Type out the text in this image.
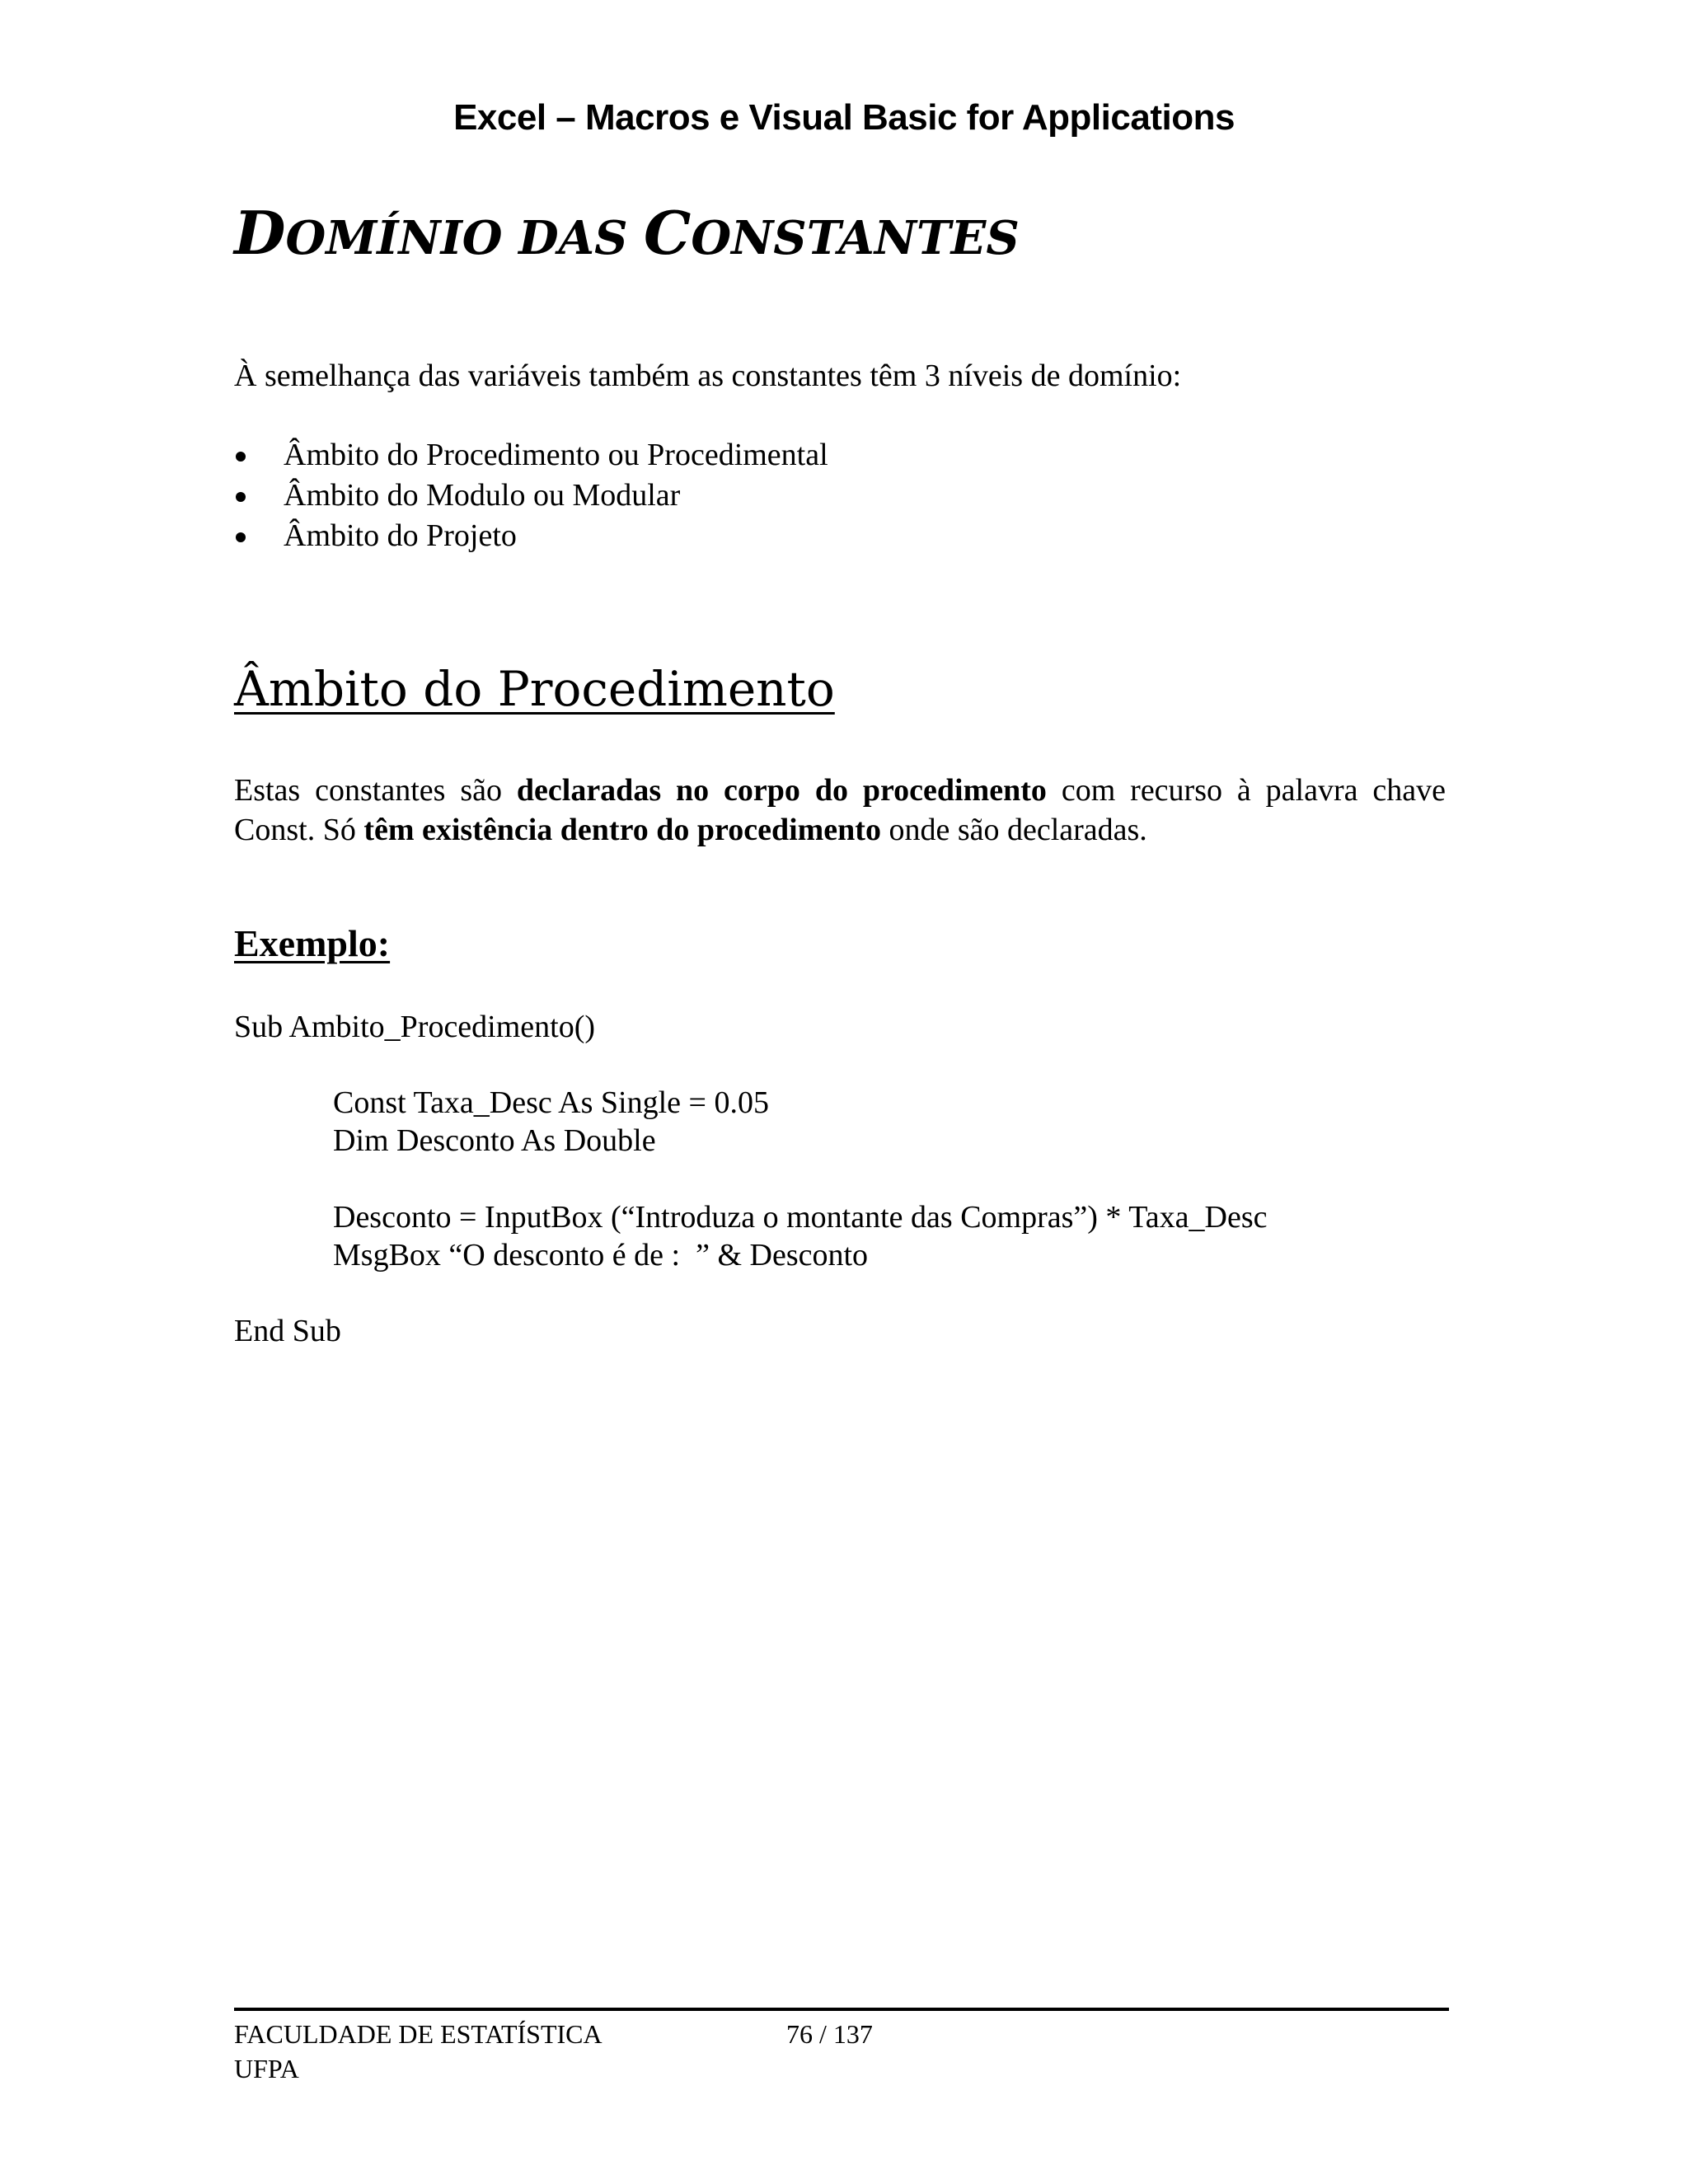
Excel – Macros e Visual Basic for Applications
DOMÍNIO DAS CONSTANTES
À semelhança das variáveis também as constantes têm 3 níveis de domínio:
Âmbito do Procedimento ou Procedimental
Âmbito do Modulo ou Modular
Âmbito do Projeto
Âmbito do Procedimento
Estas constantes são declaradas no corpo do procedimento com recurso à palavra chave Const. Só têm existência dentro do procedimento onde são declaradas.
Exemplo:
Sub Ambito_Procedimento()
Const Taxa_Desc As Single = 0.05
Dim Desconto As Double
Desconto = InputBox (“Introduza o montante das Compras”) * Taxa_Desc
MsgBox “O desconto é de :  ” & Desconto
End Sub
FACULDADE DE ESTATÍSTICA
UFPA
76 / 137
